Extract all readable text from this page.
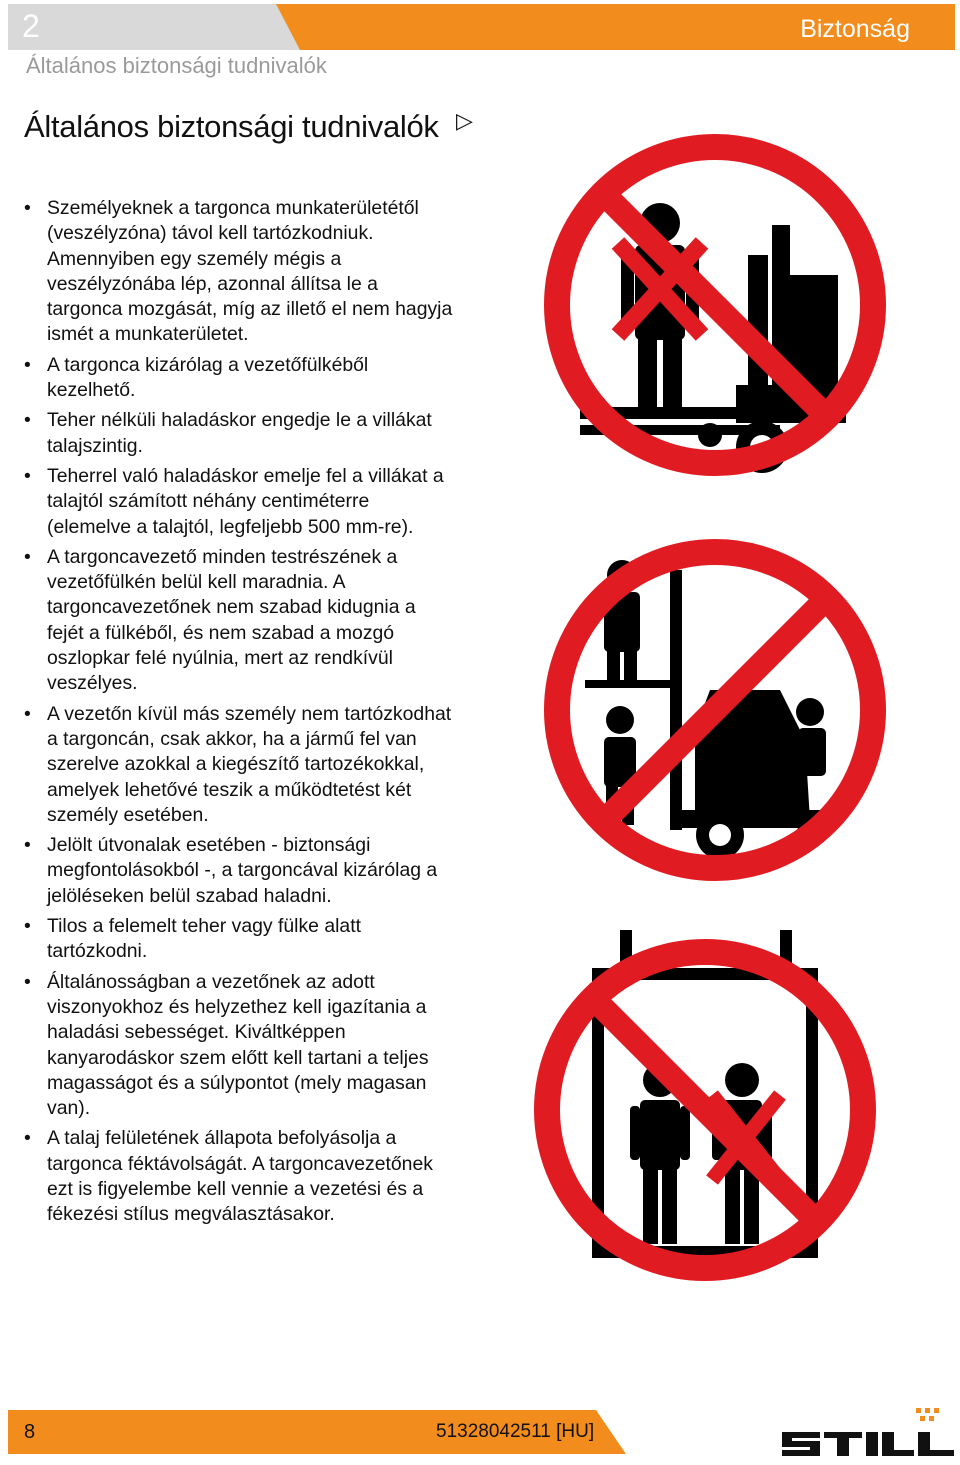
2	Biztonság
Általános biztonsági tudnivalók
Általános biztonsági tudnivalók ▷
• Személyeknek a targonca munkaterületétől (veszélyzóna) távol kell tartózkodniuk. Amennyiben egy személy mégis a veszélyzónába lép, azonnal állítsa le a targonca mozgását, míg az illető el nem hagyja ismét a munkaterületet.
• A targonca kizárólag a vezetőfülkéből kezelhető.
• Teher nélküli haladáskor engedje le a villákat talajszintig.
• Teherrel való haladáskor emelje fel a villákat a talajtól számított néhány centiméterre (elemelve a talajtól, legfeljebb 500 mm-re).
• A targoncavezető minden testrészének a vezetőfülkén belül kell maradnia. A targoncavezetőnek nem szabad kidugnia a fejét a fülkéből, és nem szabad a mozgó oszlopkar felé nyúlnia, mert az rendkívül veszélyes.
• A vezetőn kívül más személy nem tartózkodhat a targoncán, csak akkor, ha a jármű fel van szerelve azokkal a kiegészítő tartozékokkal, amelyek lehetővé teszik a működtetést két személy esetében.
• Jelölt útvonalak esetében - biztonsági megfontolásokból -, a targoncával kizárólag a jelöléseken belül szabad haladni.
• Tilos a felemelt teher vagy fülke alatt tartózkodni.
• Általánosságban a vezetőnek az adott viszonyokhoz és helyzethez kell igazítania a haladási sebességet. Kiváltképpen kanyarodáskor szem előtt kell tartani a teljes magasságot és a súlypontot (mely magasan van).
• A talaj felületének állapota befolyásolja a targonca féktávolságát. A targoncavezetőnek ezt is figyelembe kell vennie a vezetési és a fékezési stílus megválasztásakor.
8	51328042511 [HU]
